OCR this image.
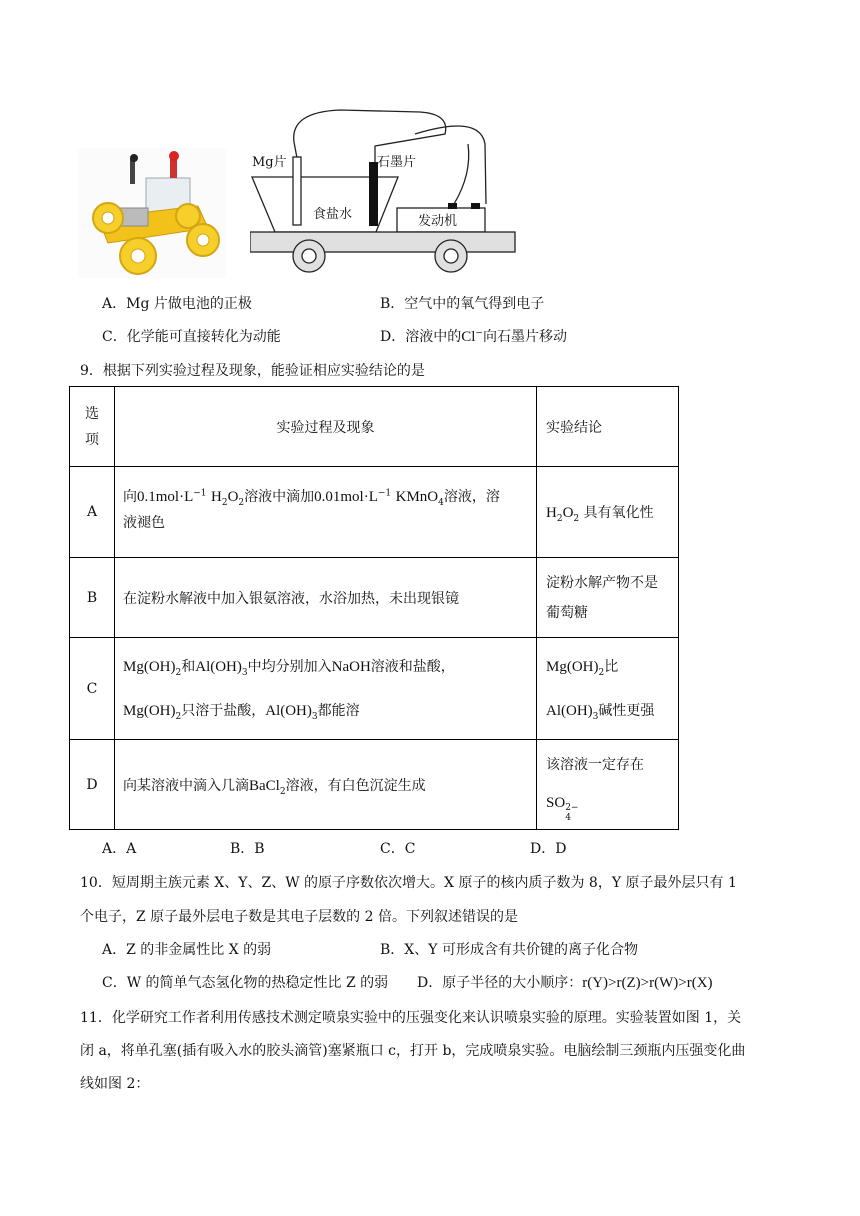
Mg片	石墨片
食盐水	发动机
A．Mg 片做电池的正极	B．空气中的氧气得到电子
C．化学能可直接转化为动能	D．溶液中的Cl−向石墨片移动
9．根据下列实验过程及现象，能验证相应实验结论的是
选
项	实验过程及现象	实验结论
A	向$0.1mol\cdot L^{-1}$ $H_2O_2$溶液中滴加$0.01mol\cdot L^{-1}$ KMnO$_4$溶液，溶
液褪色	$H_2O_2$ 具有氧化性
B	在淀粉水解液中加入银氨溶液，水浴加热，未出现银镜	淀粉水解产物不是
葡萄糖

C	$Mg(OH)_2$和$Al(OH)_3$中均分别加入NaOH溶液和盐酸，
$Mg(OH)_2$只溶于盐酸，$Al(OH)_3$都能溶	$Mg(OH)_2$比
$Al(OH)_3$碱性更强

D	向某溶液中滴入几滴BaCl$_2$溶液，有白色沉淀生成	该溶液一定存在
SO 2−
4
A．A	B．B	C．C	D．D
10．短周期主族元素 X、Y、Z、W 的原子序数依次增大。X 原子的核内质子数为 8，Y 原子最外层只有 1
个电子，Z 原子最外层电子数是其电子层数的 2 倍。下列叙述错误的是
A．Z 的非金属性比 X 的弱	B．X、Y 可形成含有共价键的离子化合物
C．W 的简单气态氢化物的热稳定性比 Z 的弱 D．原子半径的大小顺序：r(Y)>r(Z)>r(W)>r(X)
11．化学研究工作者利用传感技术测定喷泉实验中的压强变化来认识喷泉实验的原理。实验装置如图 1，关
闭 a，将单孔塞(插有吸入水的胶头滴管)塞紧瓶口 c，打开 b，完成喷泉实验。电脑绘制三颈瓶内压强变化曲
线如图 2：
